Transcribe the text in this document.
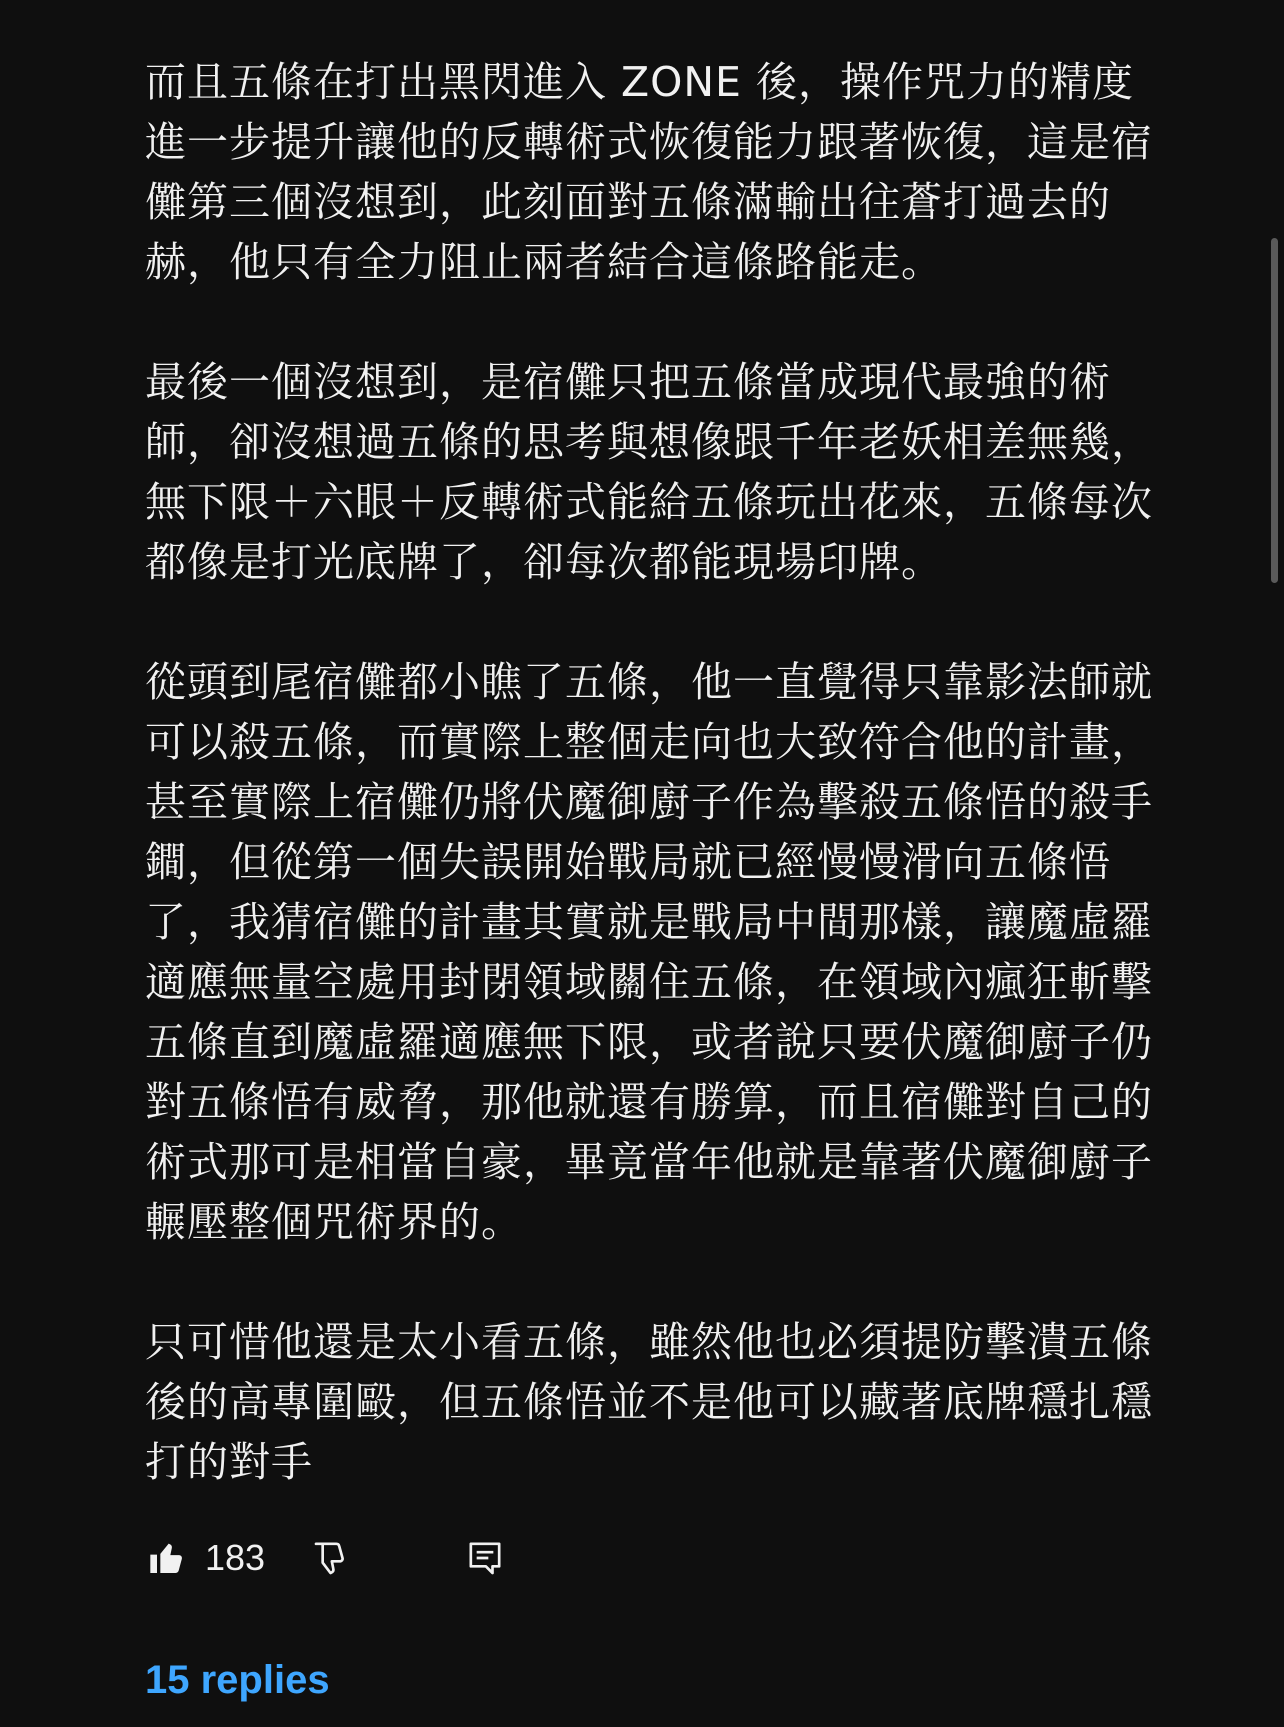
而且五條在打出黑閃進入 ZONE 後，操作咒力的精度進一步提升讓他的反轉術式恢復能力跟著恢復，這是宿儺第三個沒想到，此刻面對五條滿輸出往蒼打過去的赫，他只有全力阻止兩者結合這條路能走。

最後一個沒想到，是宿儺只把五條當成現代最強的術師，卻沒想過五條的思考與想像跟千年老妖相差無幾，無下限＋六眼＋反轉術式能給五條玩出花來，五條每次都像是打光底牌了，卻每次都能現場印牌。

從頭到尾宿儺都小瞧了五條，他一直覺得只靠影法師就可以殺五條，而實際上整個走向也大致符合他的計畫，甚至實際上宿儺仍將伏魔御廚子作為擊殺五條悟的殺手鐧，但從第一個失誤開始戰局就已經慢慢滑向五條悟了，我猜宿儺的計畫其實就是戰局中間那樣，讓魔虛羅適應無量空處用封閉領域關住五條，在領域內瘋狂斬擊五條直到魔虛羅適應無下限，或者說只要伏魔御廚子仍對五條悟有威脅，那他就還有勝算，而且宿儺對自己的術式那可是相當自豪，畢竟當年他就是靠著伏魔御廚子輾壓整個咒術界的。

只可惜他還是太小看五條，雖然他也必須提防擊潰五條後的高專圍毆，但五條悟並不是他可以藏著底牌穩扎穩打的對手

183
15 replies
